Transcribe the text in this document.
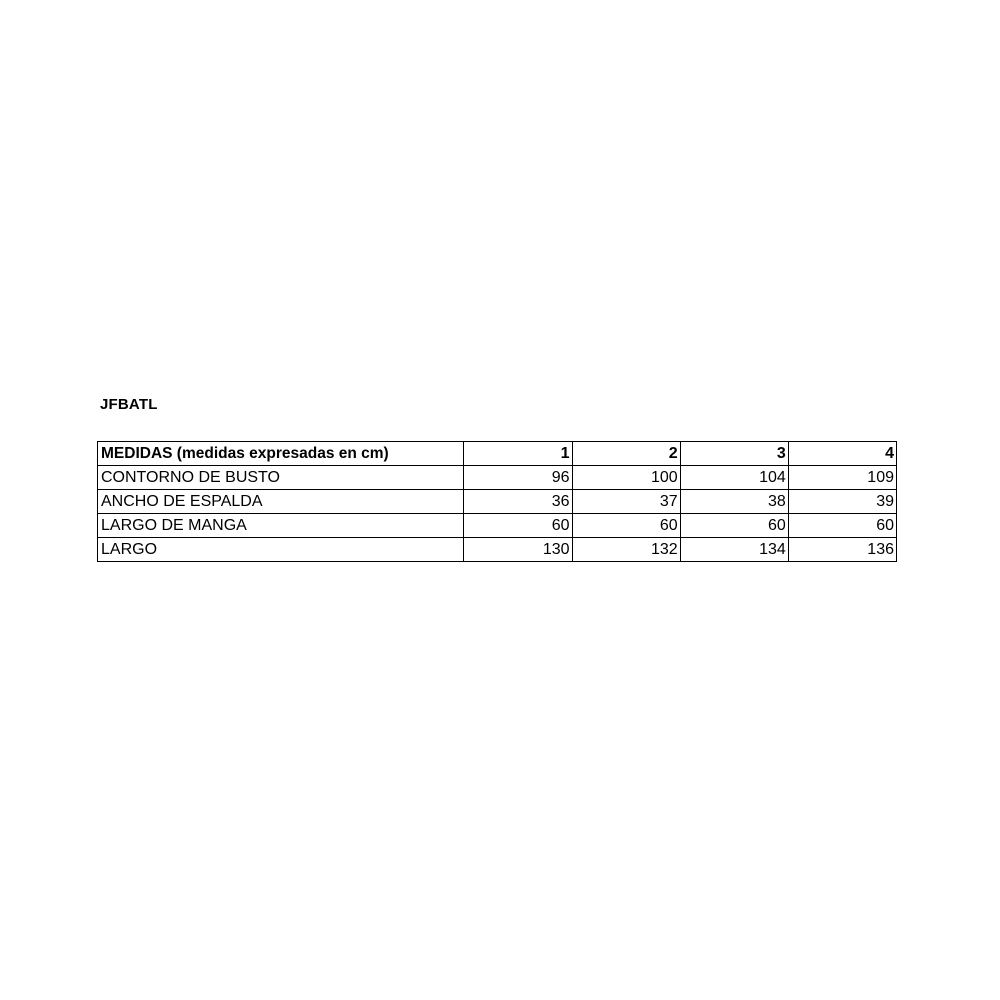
JFBATL
MEDIDAS (medidas expresadas en cm)	1	2	3	4
CONTORNO DE BUSTO	96	100	104	109
ANCHO DE ESPALDA	36	37	38	39
LARGO DE MANGA	60	60	60	60
LARGO	130	132	134	136
